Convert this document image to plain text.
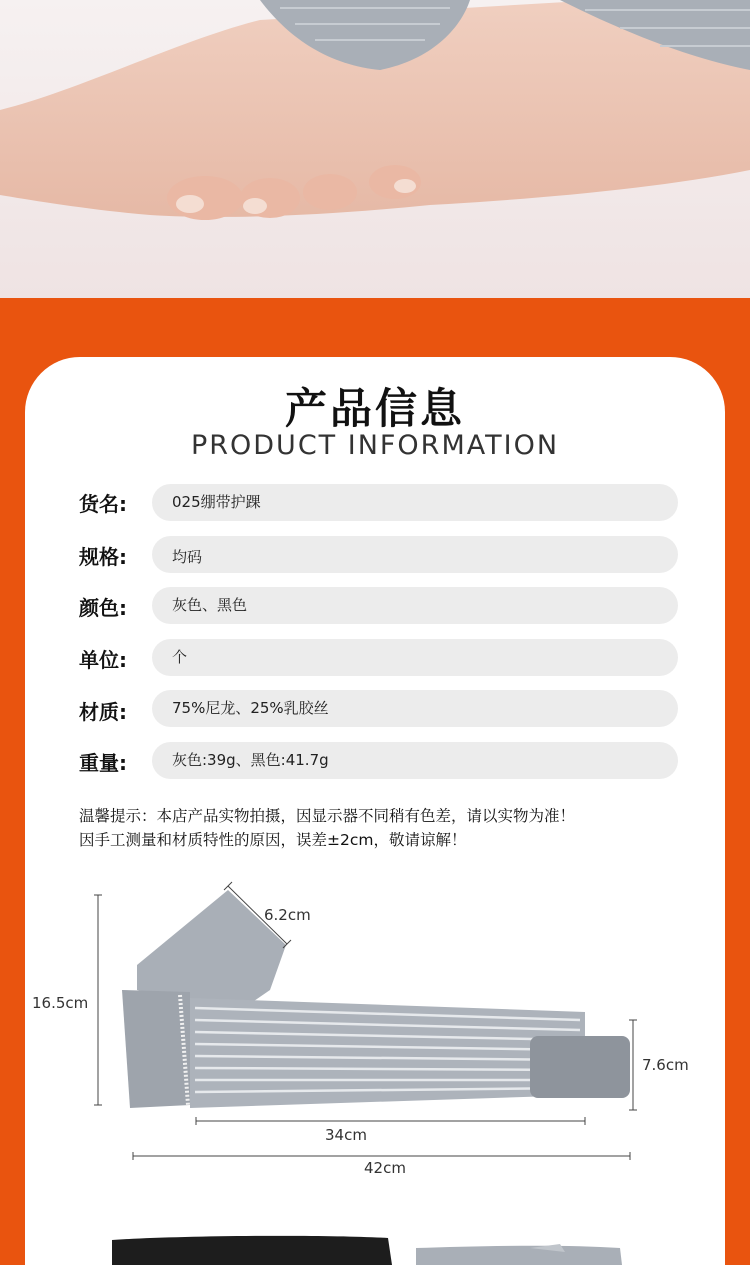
产品信息
PRODUCT INFORMATION
货名:	025绷带护踝
规格:	均码
颜色:	灰色、黑色
单位:	个
材质:	75%尼龙、25%乳胶丝
重量:	灰色:39g、黑色:41.7g
温馨提示：本店产品实物拍摄，因显示器不同稍有色差，请以实物为准！
因手工测量和材质特性的原因，误差±2cm，敬请谅解！
16.5cm
6.2cm
7.6cm
34cm
42cm
